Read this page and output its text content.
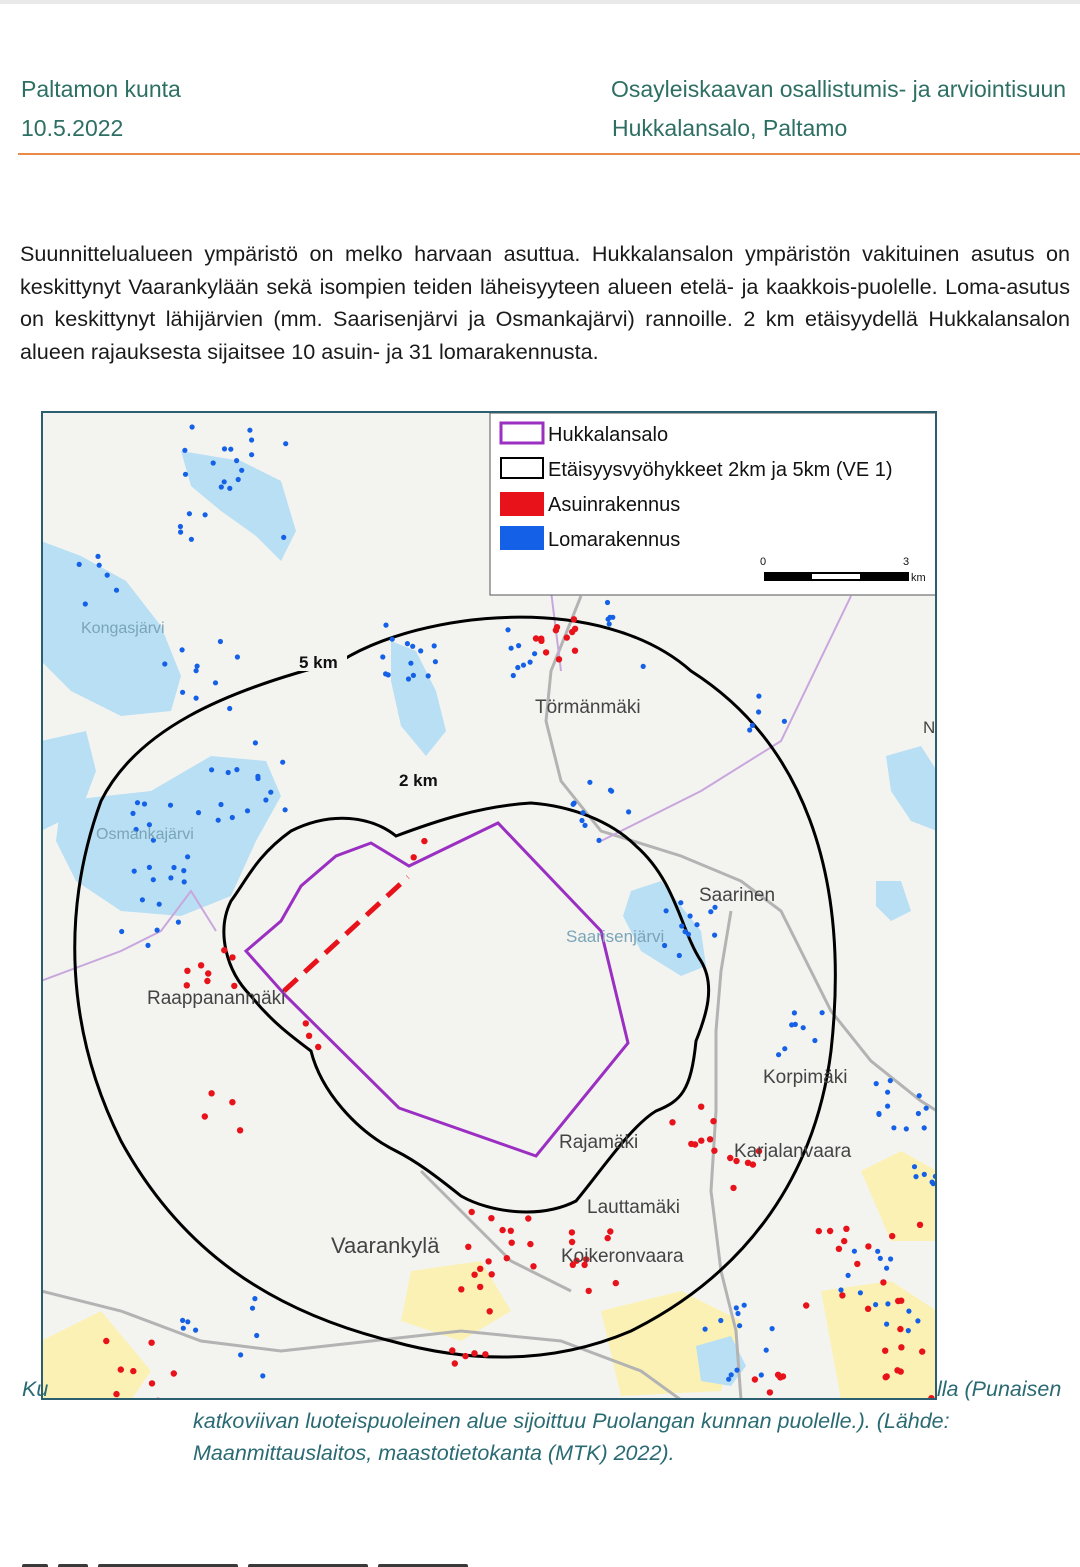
Paltamon kunta
10.5.2022
Osayleiskaavan osallistumis- ja arviointisuun
Hukkalansalo, Paltamo

Suunnittelualueen ympäristö on melko harvaan asuttua. Hukkalansalon ympäristön vakituinen asutus on keskittynyt Vaarankylään sekä isompien teiden läheisyyteen alueen etelä- ja kaakkois-puolelle. Loma-asutus on keskittynyt lähijärvien (mm. Saarisenjärvi ja Osmankajärvi) rannoille. 2 km etäisyydellä Hukkalansalon alueen rajauksesta sijaitsee 10 asuin- ja 31 lomarakennusta.

5 km
2 km
Kongasjärvi
Osmankajärvi
Törmänmäki
Saarinen
Saarisenjärvi
Raappananmäki
Korpimäki
Rajamäki	Karjalanvaara
Lauttamäki
Vaarankylä	Koikeronvaara
N
Hukkalansalo
Etäisyysvyöhykkeet 2km ja 5km (VE 1)
Asuinrakennus
Lomarakennus
0	3
km
Ku	lla (Punaisen
katkoviivan luoteispuoleinen alue sijoittuu Puolangan kunnan puolelle.). (Lähde:
Maanmittauslaitos, maastotietokanta (MTK) 2022).
